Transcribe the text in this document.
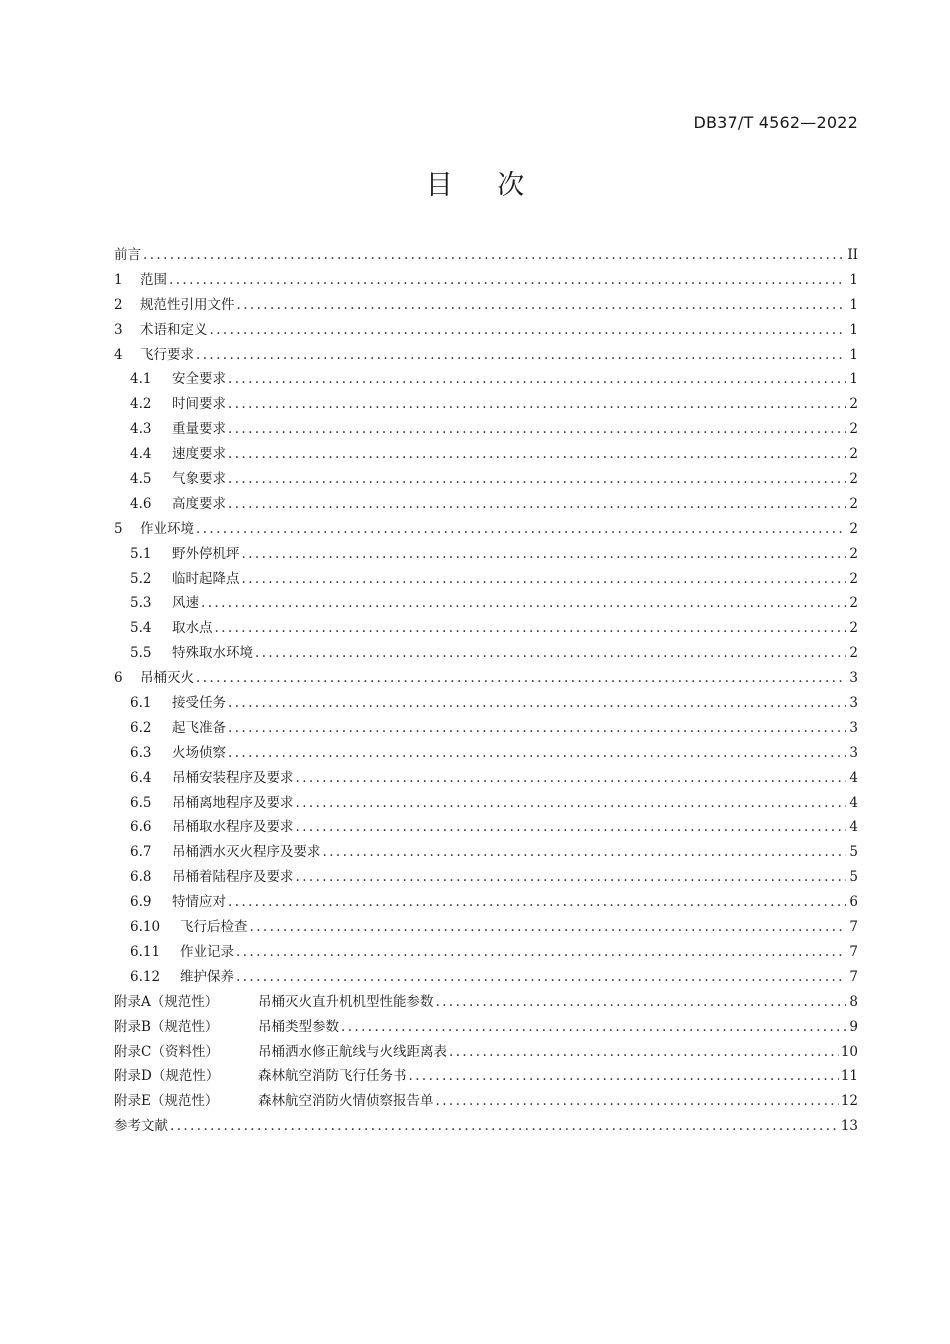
DB37/T 4562—2022
目 次
前言 .....	II
1	范围 .....	1
2	规范性引用文件 .....	1
3	术语和定义 .....	1
4	飞行要求 .....	1
4.1	安全要求 .....	1
4.2	时间要求 .....	2
4.3	重量要求 .....	2
4.4	速度要求 .....	2
4.5	气象要求 .....	2
4.6	高度要求 .....	2
5	作业环境 .....	2
5.1	野外停机坪 .....	2
5.2	临时起降点 .....	2
5.3	风速 .....	2
5.4	取水点 .....	2
5.5	特殊取水环境 .....	2
6	吊桶灭火 .....	3
6.1	接受任务 .....	3
6.2	起飞准备 .....	3
6.3	火场侦察 .....	3
6.4	吊桶安装程序及要求 .....	4
6.5	吊桶离地程序及要求 .....	4
6.6	吊桶取水程序及要求 .....	4
6.7	吊桶洒水灭火程序及要求 .....	5
6.8	吊桶着陆程序及要求 .....	5
6.9	特情应对 .....	6
6.10	飞行后检查 .....	7
6.11	作业记录 .....	7
6.12	维护保养 .....	7
附录A（规范性）	吊桶灭火直升机机型性能参数 .....	8
附录B（规范性）	吊桶类型参数 .....	9
附录C（资料性）	吊桶洒水修正航线与火线距离表 .....	10
附录D（规范性）	森林航空消防飞行任务书 .....	11
附录E（规范性）	森林航空消防火情侦察报告单 .....	12
参考文献 .....	13
